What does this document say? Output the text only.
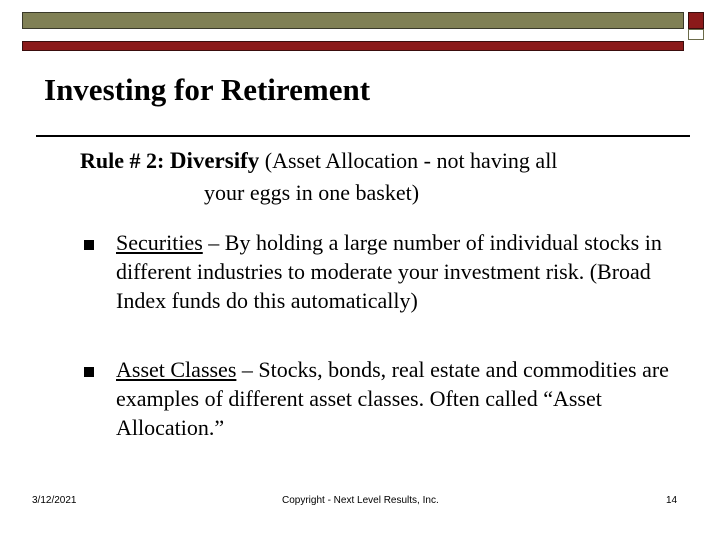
Investing for Retirement
Rule # 2: Diversify (Asset Allocation - not having all
your eggs in one basket)
Securities – By holding a large number of individual stocks in different industries to moderate your investment risk. (Broad Index funds do this automatically)
Asset Classes – Stocks, bonds, real estate and commodities are examples of different asset classes. Often called “Asset Allocation.”
3/12/2021	Copyright - Next Level Results, Inc.	14
